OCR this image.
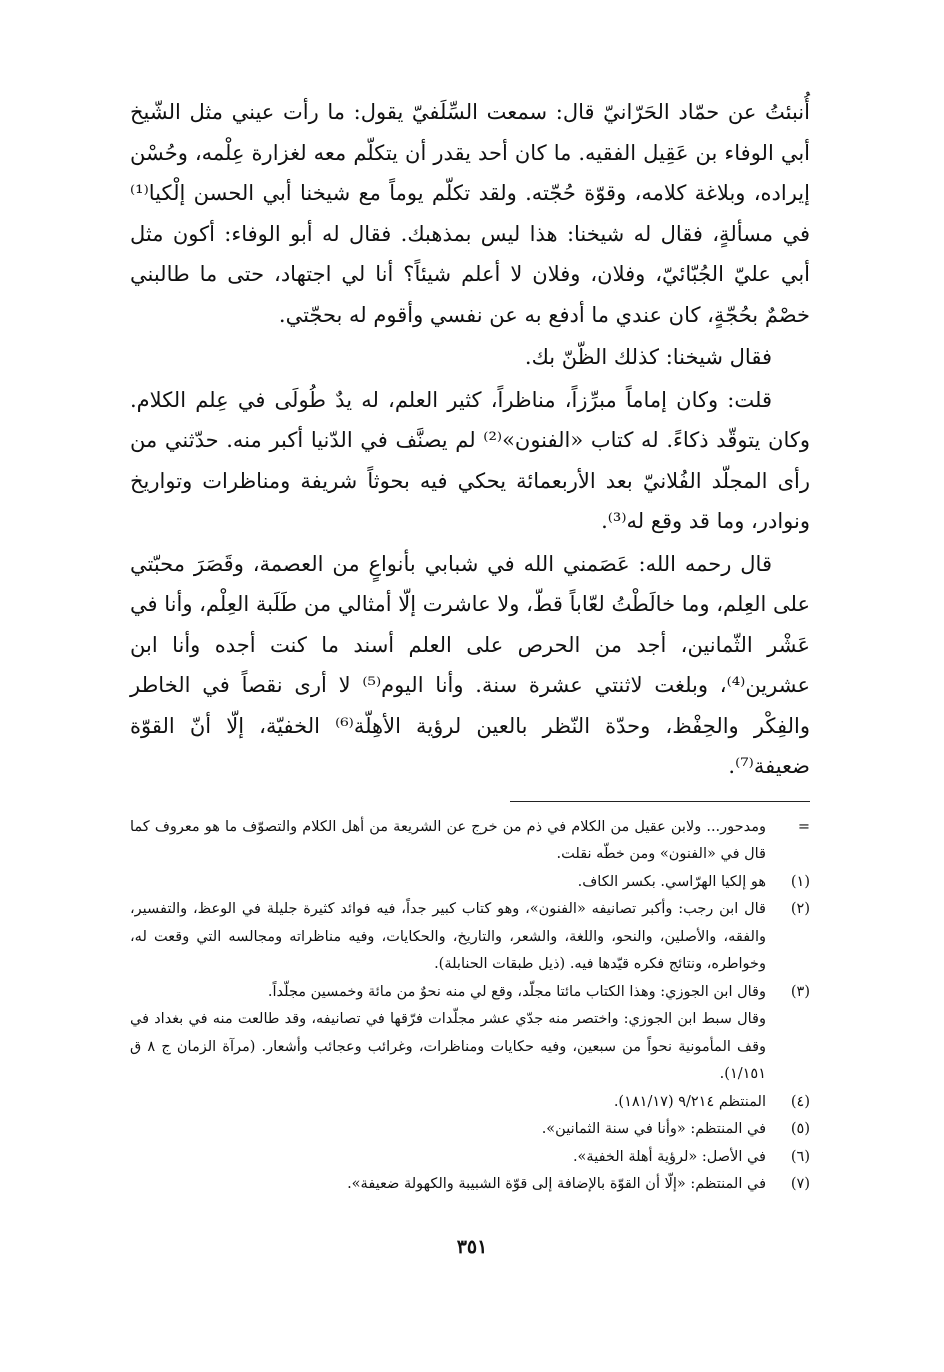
أُنبئتُ عن حمّاد الحَرّانيّ قال: سمعت السِّلَفيّ يقول: ما رأت عيني مثل الشّيخ أبي الوفاء بن عَقِيل الفقيه. ما كان أحد يقدر أن يتكلّم معه لغزارة عِلْمه، وحُسْن إيراده، وبلاغة كلامه، وقوّة حُجّته. ولقد تكلّم يوماً مع شيخنا أبي الحسن إلْكيا⁽¹⁾ في مسألةٍ، فقال له شيخنا: هذا ليس بمذهبك. فقال له أبو الوفاء: أكون مثل أبي عليّ الجُبّائيّ، وفلان، وفلان لا أعلم شيئاً؟ أنا لي اجتهاد، حتى ما طالبني خصْمٌ بحُجّةٍ، كان عندي ما أدفع به عن نفسي وأقوم له بحجّتي.

فقال شيخنا: كذلك الظّنّ بك.

قلت: وكان إماماً مبرِّزاً، مناظراً، كثير العلم، له يدٌ طُولَى في عِلم الكلام. وكان يتوقّد ذكاءً. له كتاب «الفنون»⁽²⁾ لم يصنَّف في الدّنيا أكبر منه. حدّثني من رأى المجلّد الفُلانيّ بعد الأربعمائة يحكي فيه بحوثاً شريفة ومناظرات وتواريخ ونوادر، وما قد وقع له⁽³⁾.

قال رحمه الله: عَصَمني الله في شبابي بأنواعٍ من العصمة، وقَصَرَ محبّتي على العِلم، وما خالَطْتُ لعّاباً قطّ، ولا عاشرت إلّا أمثالي من طَلَبة العِلْم، وأنا في عَشْر الثّمانين، أجد من الحرص على العلم أسند ما كنت أجده وأنا ابن عشرين⁽⁴⁾، وبلغت لاثنتي عشرة سنة. وأنا اليوم⁽⁵⁾ لا أرى نقصاً في الخاطر والفِكْر والحِفْظ، وحدّة النّظر بالعين لرؤية الأهِلّة⁽⁶⁾ الخفيّة، إلّا أنّ القوّة ضعيفة⁽⁷⁾.

=

ومدحور... ولابن عقيل من الكلام في ذم من خرج عن الشريعة من أهل الكلام والتصوّف ما هو معروف كما قال في «الفنون» ومن خطّه نقلت.

(١)

هو إلكيا الهرّاسي. بكسر الكاف.

(٢)

قال ابن رجب: وأكبر تصانيفه «الفنون»، وهو كتاب كبير جداً، فيه فوائد كثيرة جليلة في الوعظ، والتفسير، والفقه، والأصلين، والنحو، واللغة، والشعر، والتاريخ، والحكايات، وفيه مناظراته ومجالسه التي وقعت له، وخواطره، ونتائج فكره قيّدها فيه. (ذيل طبقات الحنابلة).

(٣)

وقال ابن الجوزي: وهذا الكتاب مائتا مجلّد، وقع لي منه نحوٌ من مائة وخمسين مجلّداً.

وقال سبط ابن الجوزي: واختصر منه جدّي عشر مجلّدات فرّقها في تصانيفه، وقد طالعت منه في بغداد في وقف المأمونية نحواً من سبعين، وفيه حكايات ومناظرات، وغرائب وعجائب وأشعار. (مرآة الزمان ج ٨ ق ١/١٥١).

(٤)

المنتظم ٩/٢١٤ (١٨١/١٧).

(٥)

في المنتظم: «وأنا في سنة الثمانين».

(٦)

في الأصل: «لرؤية أهلة الخفية».

(٧)

في المنتظم: «إلّا أن القوّة بالإضافة إلى قوّة الشبيبة والكهولة ضعيفة».

٣٥١
